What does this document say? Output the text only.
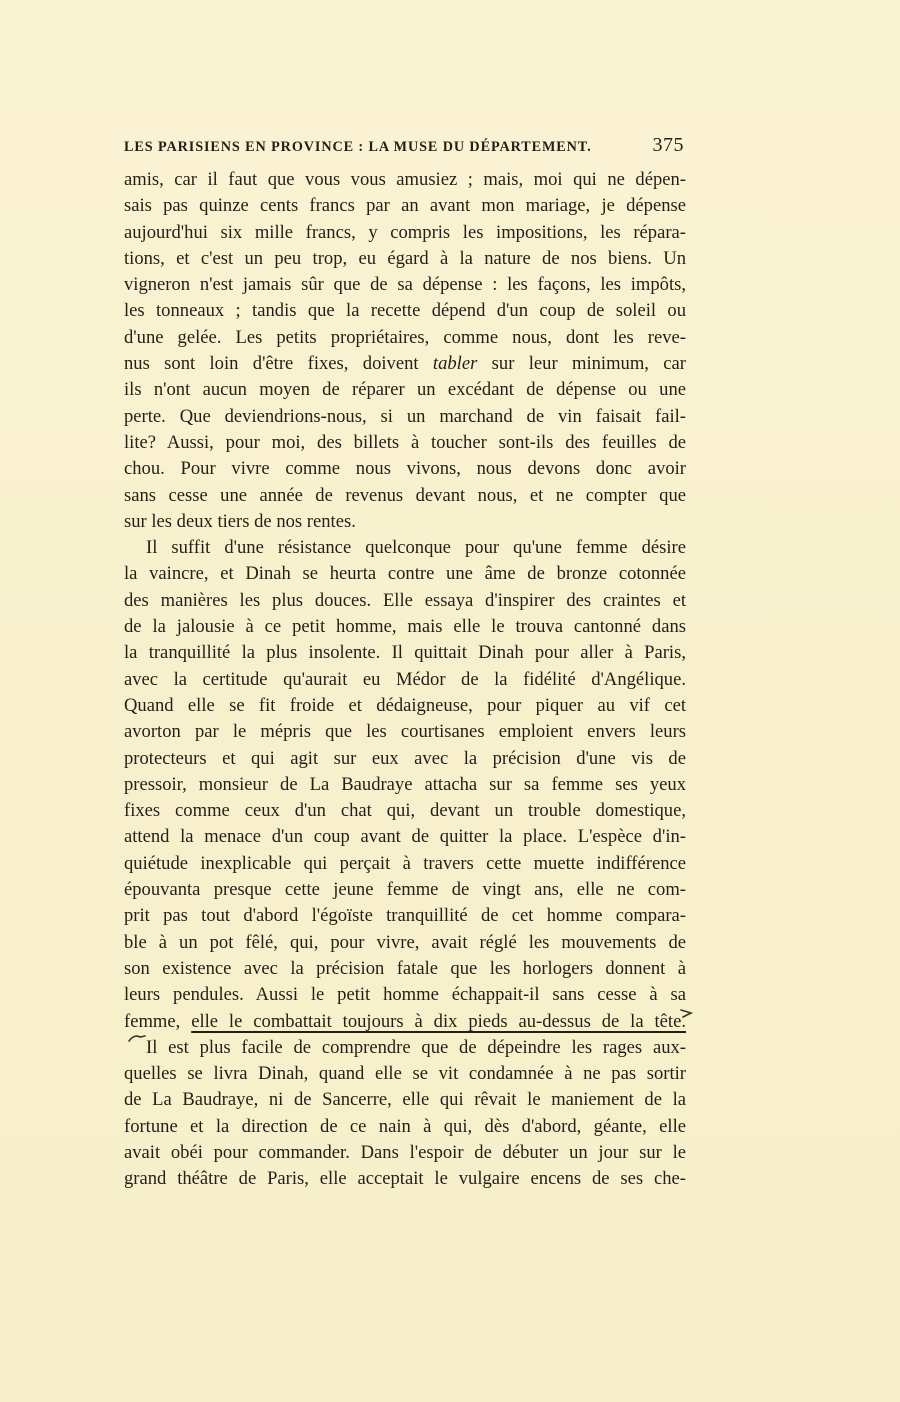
LES PARISIENS EN PROVINCE : LA MUSE DU DÉPARTEMENT.	375
amis, car il faut que vous vous amusiez ; mais, moi qui ne dépen-
sais pas quinze cents francs par an avant mon mariage, je dépense
aujourd'hui six mille francs, y compris les impositions, les répara-
tions, et c'est un peu trop, eu égard à la nature de nos biens. Un
vigneron n'est jamais sûr que de sa dépense : les façons, les impôts,
les tonneaux ; tandis que la recette dépend d'un coup de soleil ou
d'une gelée. Les petits propriétaires, comme nous, dont les reve-
nus sont loin d'être fixes, doivent tabler sur leur minimum, car
ils n'ont aucun moyen de réparer un excédant de dépense ou une
perte. Que deviendrions-nous, si un marchand de vin faisait fail-
lite? Aussi, pour moi, des billets à toucher sont-ils des feuilles de
chou. Pour vivre comme nous vivons, nous devons donc avoir
sans cesse une année de revenus devant nous, et ne compter que
sur les deux tiers de nos rentes.
Il suffit d'une résistance quelconque pour qu'une femme désire
la vaincre, et Dinah se heurta contre une âme de bronze cotonnée
des manières les plus douces. Elle essaya d'inspirer des craintes et
de la jalousie à ce petit homme, mais elle le trouva cantonné dans
la tranquillité la plus insolente. Il quittait Dinah pour aller à Paris,
avec la certitude qu'aurait eu Médor de la fidélité d'Angélique.
Quand elle se fit froide et dédaigneuse, pour piquer au vif cet
avorton par le mépris que les courtisanes emploient envers leurs
protecteurs et qui agit sur eux avec la précision d'une vis de
pressoir, monsieur de La Baudraye attacha sur sa femme ses yeux
fixes comme ceux d'un chat qui, devant un trouble domestique,
attend la menace d'un coup avant de quitter la place. L'espèce d'in-
quiétude inexplicable qui perçait à travers cette muette indifférence
épouvanta presque cette jeune femme de vingt ans, elle ne com-
prit pas tout d'abord l'égoïste tranquillité de cet homme compara-
ble à un pot fêlé, qui, pour vivre, avait réglé les mouvements de
son existence avec la précision fatale que les horlogers donnent à
leurs pendules. Aussi le petit homme échappait-il sans cesse à sa
femme, elle le combattait toujours à dix pieds au-dessus de la tête.
Il est plus facile de comprendre que de dépeindre les rages aux-
quelles se livra Dinah, quand elle se vit condamnée à ne pas sortir
de La Baudraye, ni de Sancerre, elle qui rêvait le maniement de la
fortune et la direction de ce nain à qui, dès d'abord, géante, elle
avait obéi pour commander. Dans l'espoir de débuter un jour sur le
grand théâtre de Paris, elle acceptait le vulgaire encens de ses che-
